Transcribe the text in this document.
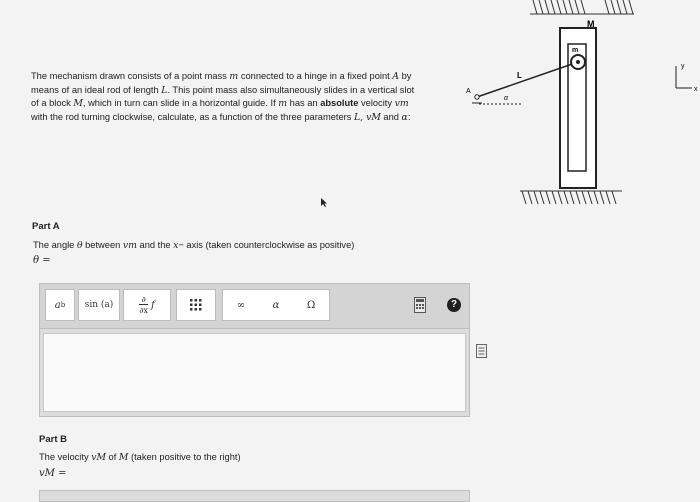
The mechanism drawn consists of a point mass m connected to a hinge in a fixed point A by

means of an ideal rod of length L. This point mass also simultaneously slides in a vertical slot

of a block M, which in turn can slide in a horizontal guide. If m has an absolute velocity vm

with the rod turning clockwise, calculate, as a function of the three parameters L, vM and α:

M
m
L
A
α
y
x
Part A
The angle θ between vm and the x− axis (taken counterclockwise as positive)
θ =
a b	sin (a)
∂
∂x f	∞	α	Ω	?
Part B
The velocity vM of M (taken positive to the right)
vM =
